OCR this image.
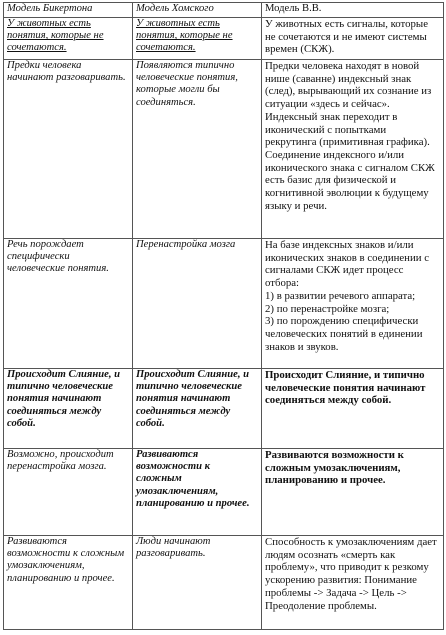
Модель Бикертона	Модель Хомского	Модель В.В.
У животных есть понятия, которые не сочетаются.	У животных есть понятия, которые не сочетаются.	У животных есть сигналы, которые не сочетаются и не имеют системы времен (СКЖ).
Предки человека начинают разговаривать.	Появляются типично человеческие понятия, которые могли бы соединяться.	Предки человека находят в новой нише (саванне) индексный знак (след), вырывающий их сознание из ситуации «здесь и сейчас». Индексный знак переходит в иконический с попытками рекрутинга (примитивная графика). Соединение индексного и/или иконического знака с сигналом СКЖ есть базис для физической и когнитивной эволюции к будущему языку и речи.
Речь порождает специфически человеческие понятия.	Перенастройка мозга	На базе индексных знаков и/или иконических знаков в соединении с сигналами СКЖ идет процесс отбора:

1) в развитии речевого аппарата;

2) по перенастройке мозга;

3) по порождению специфически человеческих понятий в единении знаков и звуков.

Происходит Слияние, и типично человеческие понятия начинают соединяться между собой.	Происходит Слияние, и типично человеческие понятия начинают соединяться между собой.	Происходит Слияние, и типично человеческие понятия начинают соединяться между собой.
Возможно, происходит перенастройка мозга.	Развиваются возможности к сложным умозаключениям, планированию и прочее.	Развиваются возможности к сложным умозаключениям, планированию и прочее.
Развиваются возможности к сложным умозаключениям, планированию и прочее.	Люди начинают разговаривать.	Способность к умозаключениям дает людям осознать «смерть как проблему», что приводит к резкому ускорению развития: Понимание проблемы -> Задача -> Цель -> Преодоление проблемы.
